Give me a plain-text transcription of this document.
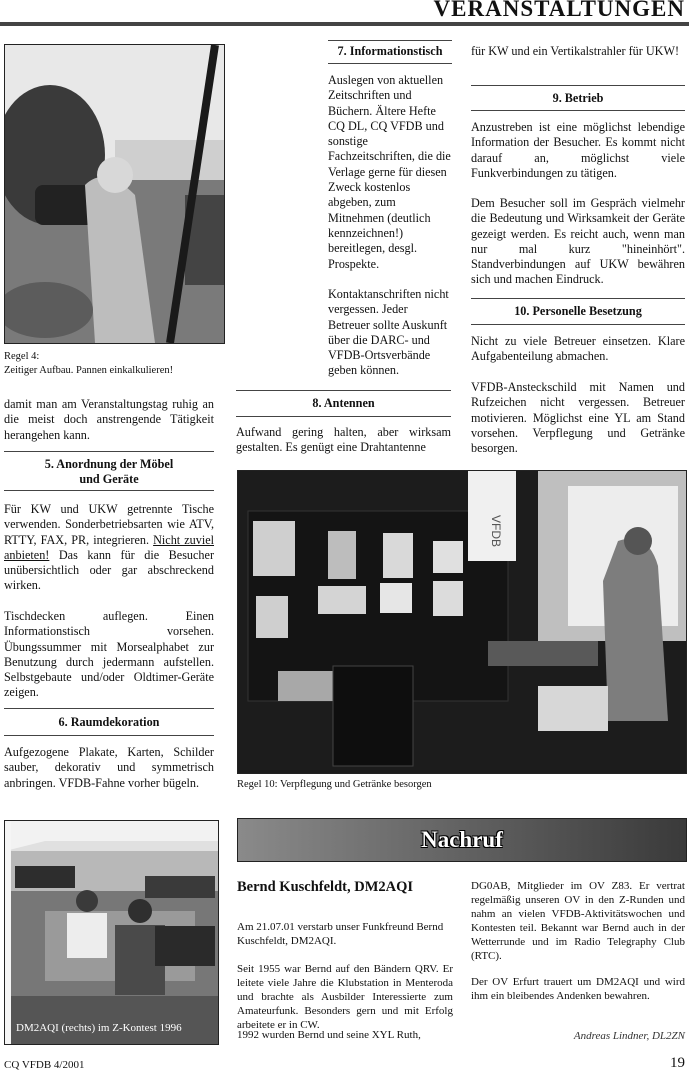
VERANSTALTUNGEN
Regel 4:
Zeitiger Aufbau. Pannen einkalkulieren!
damit man am Veranstaltungstag ruhig an die meist doch anstrengende Tätigkeit herangehen kann.
5. Anordnung der Möbel
und Geräte
Für KW und UKW getrennte Tische verwenden. Sonderbetriebsarten wie ATV, RTTY, FAX, PR, integrieren. Nicht zuviel anbieten! Das kann für die Besucher unübersichtlich oder gar abschreckend wirken.
Tischdecken auflegen. Einen Informationstisch vorsehen. Übungssummer mit Morsealphabet zur Benutzung durch jedermann aufstellen. Selbstgebaute und/oder Oldtimer-Geräte zeigen.
6. Raumdekoration
Aufgezogene Plakate, Karten, Schilder sauber, dekorativ und symmetrisch anbringen. VFDB-Fahne vorher bügeln.
7. Informationstisch
Auslegen von aktuellen Zeitschriften und Büchern. Ältere Hefte CQ DL, CQ VFDB und sonstige Fachzeitschriften, die die Verlage gerne für diesen Zweck kostenlos abgeben, zum Mitnehmen (deutlich kennzeichnen!) bereitlegen, desgl. Prospekte.
Kontaktanschriften nicht vergessen. Jeder Betreuer sollte Auskunft über die DARC- und VFDB-Ortsverbände geben können.
8. Antennen
Aufwand gering halten, aber wirksam gestalten. Es genügt eine Drahtantenne
für KW und ein Vertikalstrahler für UKW!
9. Betrieb
Anzustreben ist eine möglichst lebendige Information der Besucher. Es kommt nicht darauf an, möglichst viele Funkverbindungen zu tätigen.
Dem Besucher soll im Gespräch vielmehr die Bedeutung und Wirksamkeit der Geräte gezeigt werden. Es reicht auch, wenn man nur mal kurz "hineinhört". Standverbindungen auf UKW bewähren sich und machen Eindruck.
10. Personelle Besetzung
Nicht zu viele Betreuer einsetzen. Klare Aufgabenteilung abmachen.
VFDB-Ansteckschild mit Namen und Rufzeichen nicht vergessen. Betreuer motivieren. Möglichst eine YL am Stand vorsehen. Verpflegung und Getränke besorgen.
VFDB
Regel 10: Verpflegung und Getränke besorgen
DM2AQI (rechts) im Z-Kontest 1996
Nachruf
Bernd Kuschfeldt, DM2AQI
Am 21.07.01 verstarb unser Funkfreund Bernd Kuschfeldt, DM2AQI.
Seit 1955 war Bernd auf den Bändern QRV. Er leitete viele Jahre die Klubstation in Menteroda und brachte als Ausbilder Interessierte zum Amateurfunk. Besonders gern und mit Erfolg arbeitete er in CW.
1992 wurden Bernd und seine XYL Ruth,
DG0AB, Mitglieder im OV Z83. Er vertrat regelmäßig unseren OV in den Z-Runden und nahm an vielen VFDB-Aktivitätswochen und Kontesten teil. Bekannt war Bernd auch in der Wetterrunde und im Radio Telegraphy Club (RTC).
Der OV Erfurt trauert um DM2AQI und wird ihm ein bleibendes Andenken bewahren.
Andreas Lindner, DL2ZN
CQ VFDB 4/2001	19
